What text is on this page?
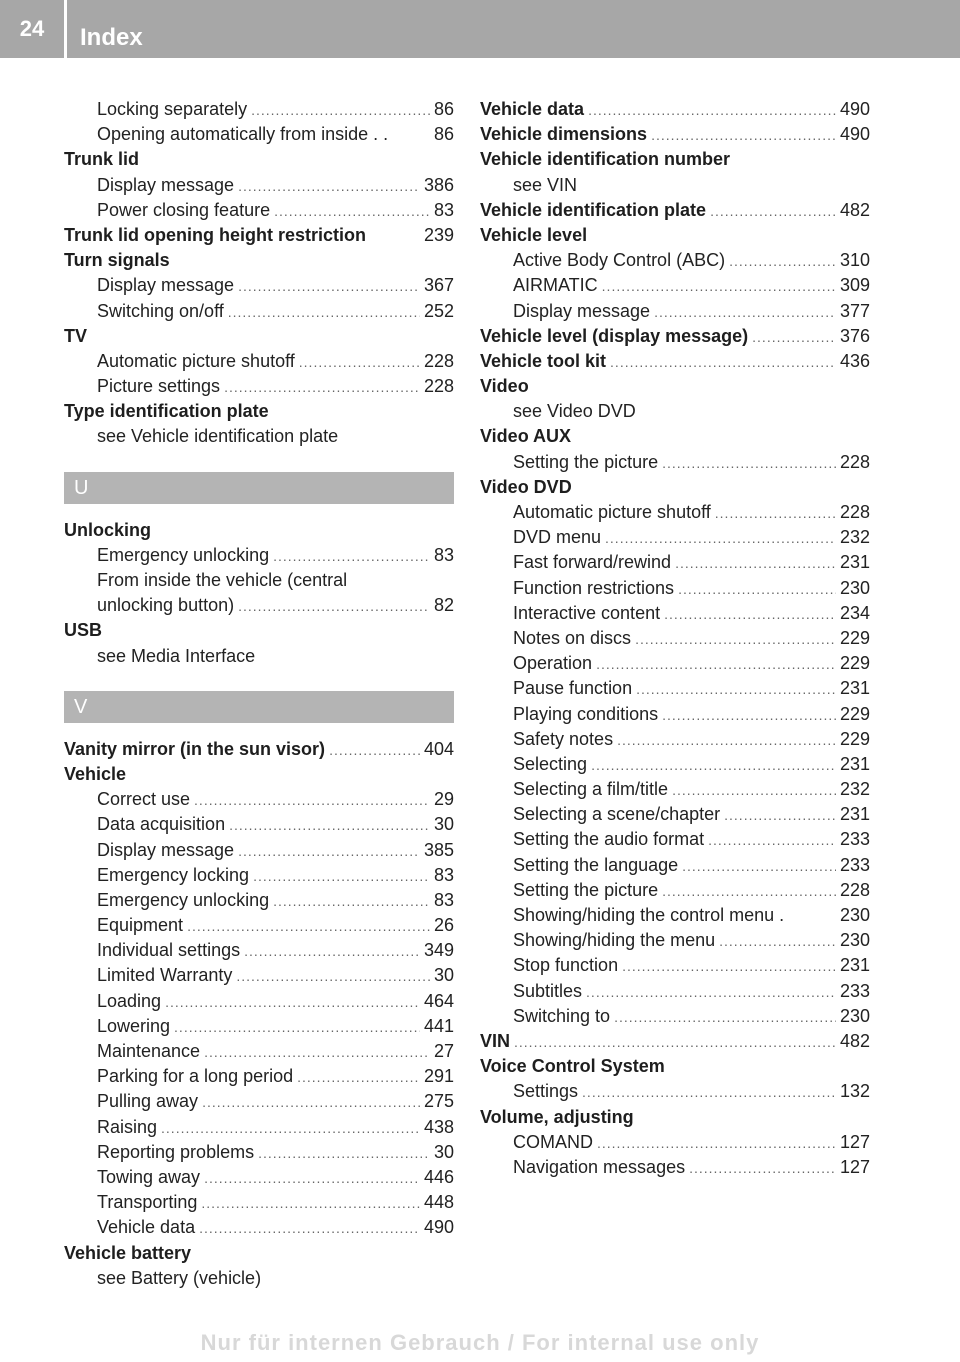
24	Index
Locking separately .....	86
Opening automatically from inside . .	86
Trunk lid
Display message .....	386
Power closing feature .....	83
Trunk lid opening height restriction	239
Turn signals
Display message .....	367
Switching on/off .....	252
TV
Automatic picture shutoff .....	228
Picture settings .....	228
Type identification plate
see Vehicle identification plate
U
Unlocking
Emergency unlocking .....	83
From inside the vehicle (central
unlocking button) .....	82
USB
see Media Interface
V
Vanity mirror (in the sun visor) .....	404
Vehicle
Correct use .....	29
Data acquisition .....	30
Display message .....	385
Emergency locking .....	83
Emergency unlocking .....	83
Equipment .....	26
Individual settings .....	349
Limited Warranty .....	30
Loading .....	464
Lowering .....	441
Maintenance .....	27
Parking for a long period .....	291
Pulling away .....	275
Raising .....	438
Reporting problems .....	30
Towing away .....	446
Transporting .....	448
Vehicle data .....	490
Vehicle battery
see Battery (vehicle)
Vehicle data .....	490
Vehicle dimensions .....	490
Vehicle identification number
see VIN
Vehicle identification plate .....	482
Vehicle level
Active Body Control (ABC) .....	310
AIRMATIC .....	309
Display message .....	377
Vehicle level (display message) .....	376
Vehicle tool kit .....	436
Video
see Video DVD
Video AUX
Setting the picture .....	228
Video DVD
Automatic picture shutoff .....	228
DVD menu .....	232
Fast forward/rewind .....	231
Function restrictions .....	230
Interactive content .....	234
Notes on discs .....	229
Operation .....	229
Pause function .....	231
Playing conditions .....	229
Safety notes .....	229
Selecting .....	231
Selecting a film/title .....	232
Selecting a scene/chapter .....	231
Setting the audio format .....	233
Setting the language .....	233
Setting the picture .....	228
Showing/hiding the control menu .	230
Showing/hiding the menu .....	230
Stop function .....	231
Subtitles .....	233
Switching to .....	230
VIN .....	482
Voice Control System
Settings .....	132
Volume, adjusting
COMAND .....	127
Navigation messages .....	127
Nur für internen Gebrauch / For internal use only
